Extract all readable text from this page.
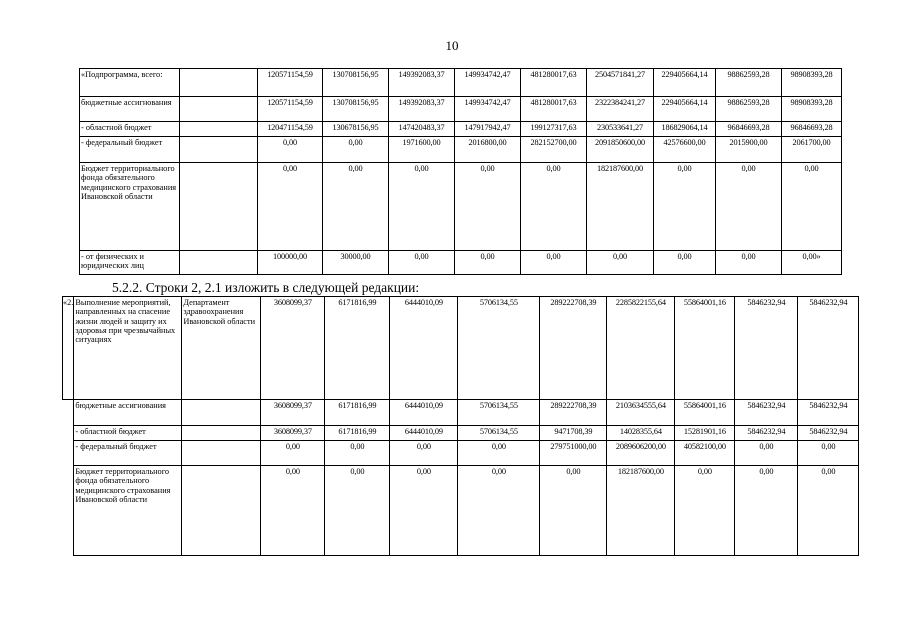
10
«Подпрограмма, всего:		120571154,59	130708156,95	149392083,37	149934742,47	481280017,63	2504571841,27	229405664,14	98862593,28	98908393,28
бюджетные ассигнования		120571154,59	130708156,95	149392083,37	149934742,47	481280017,63	2322384241,27	229405664,14	98862593,28	98908393,28
- областной бюджет		120471154,59	130678156,95	147420483,37	147917942,47	199127317,63	230533641,27	186829064,14	96846693,28	96846693,28
- федеральный бюджет		0,00	0,00	1971600,00	2016800,00	282152700,00	2091850600,00	42576600,00	2015900,00	2061700,00
Бюджет территориального фонда обязательного медицинского страхования Ивановской области		0,00	0,00	0,00	0,00	0,00	182187600,00	0,00	0,00	0,00
- от физических и юридических лиц		100000,00	30000,00	0,00	0,00	0,00	0,00	0,00	0,00	0,00»
5.2.2. Строки 2, 2.1 изложить в следующей редакции:
«2.	Выполнение мероприятий, направленных на спасение жизни людей и защиту их здоровья при чрезвычайных ситуациях	Департамент здравоохранения Ивановской области	3608099,37	6171816,99	6444010,09	5706134,55	289222708,39	2285822155,64	55864001,16	5846232,94	5846232,94
	бюджетные ассигнования		3608099,37	6171816,99	6444010,09	5706134,55	289222708,39	2103634555,64	55864001,16	5846232,94	5846232,94
	- областной бюджет		3608099,37	6171816,99	6444010,09	5706134,55	9471708,39	14028355,64	15281901,16	5846232,94	5846232,94
	- федеральный бюджет		0,00	0,00	0,00	0,00	279751000,00	2089606200,00	40582100,00	0,00	0,00
	Бюджет территориального фонда обязательного медицинского страхования Ивановской области		0,00	0,00	0,00	0,00	0,00	182187600,00	0,00	0,00	0,00
